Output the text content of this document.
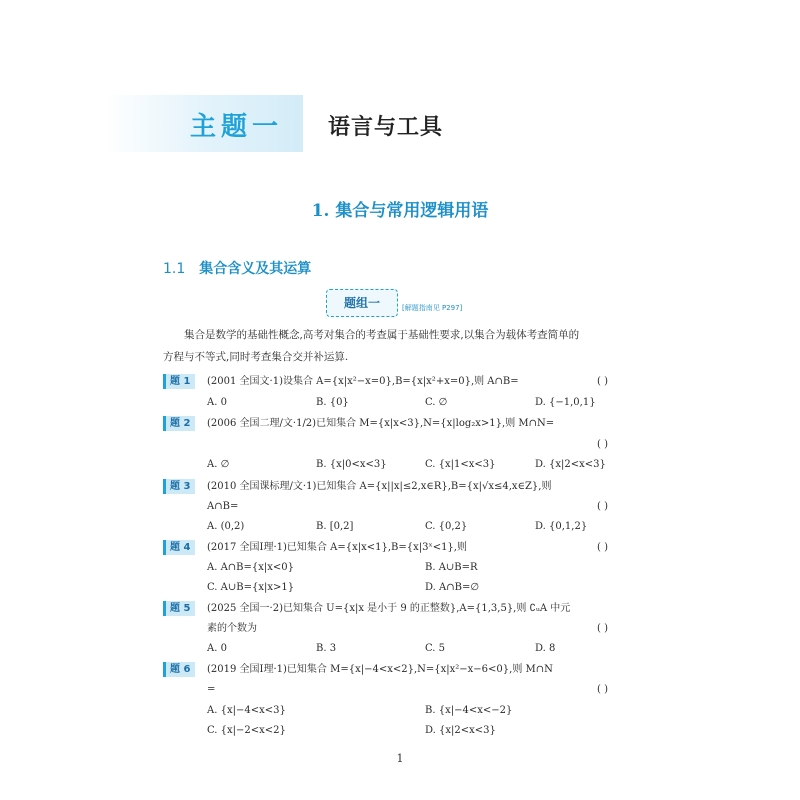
主题一 语言与工具
1. 集合与常用逻辑用语
1.1 集合含义及其运算
题组一	[解题指南见 P297]
集合是数学的基础性概念,高考对集合的考查属于基础性要求,以集合为载体考查简单的
方程与不等式,同时考查集合交并补运算.
题 1	(2001 全国文·1)设集合 A={x|x²−x=0},B={x|x²+x=0},则 A∩B=	( )
A. 0	B. {0}	C. ∅	D. {−1,0,1}
题 2	(2006 全国二理/文·1/2)已知集合 M={x|x<3},N={x|log₂x>1},则 M∩N=
( )
A. ∅	B. {x|0<x<3}	C. {x|1<x<3}	D. {x|2<x<3}
题 3	(2010 全国课标理/文·1)已知集合 A={x||x|≤2,x∈R},B={x|√x≤4,x∈Z},则
A∩B=	( )
A. (0,2)	B. [0,2]	C. {0,2}	D. {0,1,2}
题 4	(2017 全国Ⅰ理·1)已知集合 A={x|x<1},B={x|3ˣ<1},则	( )
A. A∩B={x|x<0}	B. A∪B=R
C. A∪B={x|x>1}	D. A∩B=∅
题 5	(2025 全国一·2)已知集合 U={x|x 是小于 9 的正整数},A={1,3,5},则 ∁ᵤA 中元
素的个数为	( )
A. 0	B. 3	C. 5	D. 8
题 6	(2019 全国Ⅰ理·1)已知集合 M={x|−4<x<2},N={x|x²−x−6<0},则 M∩N
=	( )
A. {x|−4<x<3}	B. {x|−4<x<−2}
C. {x|−2<x<2}	D. {x|2<x<3}
1
